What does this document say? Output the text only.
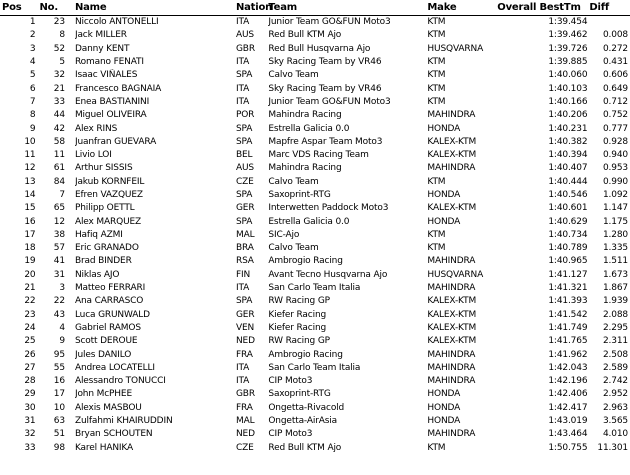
Pos	No.	Name	Nation	Team	Make	Overall BestTm	Diff
1	23	Niccolo ANTONELLI	ITA	Junior Team GO&FUN Moto3	KTM	1:39.454	
2	8	Jack MILLER	AUS	Red Bull KTM Ajo	KTM	1:39.462	0.008
3	52	Danny KENT	GBR	Red Bull Husqvarna Ajo	HUSQVARNA	1:39.726	0.272
4	5	Romano FENATI	ITA	Sky Racing Team by VR46	KTM	1:39.885	0.431
5	32	Isaac VIÑALES	SPA	Calvo Team	KTM	1:40.060	0.606
6	21	Francesco BAGNAIA	ITA	Sky Racing Team by VR46	KTM	1:40.103	0.649
7	33	Enea BASTIANINI	ITA	Junior Team GO&FUN Moto3	KTM	1:40.166	0.712
8	44	Miguel OLIVEIRA	POR	Mahindra Racing	MAHINDRA	1:40.206	0.752
9	42	Alex RINS	SPA	Estrella Galicia 0.0	HONDA	1:40.231	0.777
10	58	Juanfran GUEVARA	SPA	Mapfre Aspar Team Moto3	KALEX-KTM	1:40.382	0.928
11	11	Livio LOI	BEL	Marc VDS Racing Team	KALEX-KTM	1:40.394	0.940
12	61	Arthur SISSIS	AUS	Mahindra Racing	MAHINDRA	1:40.407	0.953
13	84	Jakub KORNFEIL	CZE	Calvo Team	KTM	1:40.444	0.990
14	7	Efren VAZQUEZ	SPA	Saxoprint-RTG	HONDA	1:40.546	1.092
15	65	Philipp OETTL	GER	Interwetten Paddock Moto3	KALEX-KTM	1:40.601	1.147
16	12	Alex MARQUEZ	SPA	Estrella Galicia 0.0	HONDA	1:40.629	1.175
17	38	Hafiq AZMI	MAL	SIC-Ajo	KTM	1:40.734	1.280
18	57	Eric GRANADO	BRA	Calvo Team	KTM	1:40.789	1.335
19	41	Brad BINDER	RSA	Ambrogio Racing	MAHINDRA	1:40.965	1.511
20	31	Niklas AJO	FIN	Avant Tecno Husqvarna Ajo	HUSQVARNA	1:41.127	1.673
21	3	Matteo FERRARI	ITA	San Carlo Team Italia	MAHINDRA	1:41.321	1.867
22	22	Ana CARRASCO	SPA	RW Racing GP	KALEX-KTM	1:41.393	1.939
23	43	Luca GRUNWALD	GER	Kiefer Racing	KALEX-KTM	1:41.542	2.088
24	4	Gabriel RAMOS	VEN	Kiefer Racing	KALEX-KTM	1:41.749	2.295
25	9	Scott DEROUE	NED	RW Racing GP	KALEX-KTM	1:41.765	2.311
26	95	Jules DANILO	FRA	Ambrogio Racing	MAHINDRA	1:41.962	2.508
27	55	Andrea LOCATELLI	ITA	San Carlo Team Italia	MAHINDRA	1:42.043	2.589
28	16	Alessandro TONUCCI	ITA	CIP Moto3	MAHINDRA	1:42.196	2.742
29	17	John McPHEE	GBR	Saxoprint-RTG	HONDA	1:42.406	2.952
30	10	Alexis MASBOU	FRA	Ongetta-Rivacold	HONDA	1:42.417	2.963
31	63	Zulfahmi KHAIRUDDIN	MAL	Ongetta-AirAsia	HONDA	1:43.019	3.565
32	51	Bryan SCHOUTEN	NED	CIP Moto3	MAHINDRA	1:43.464	4.010
33	98	Karel HANIKA	CZE	Red Bull KTM Ajo	KTM	1:50.755	11.301
